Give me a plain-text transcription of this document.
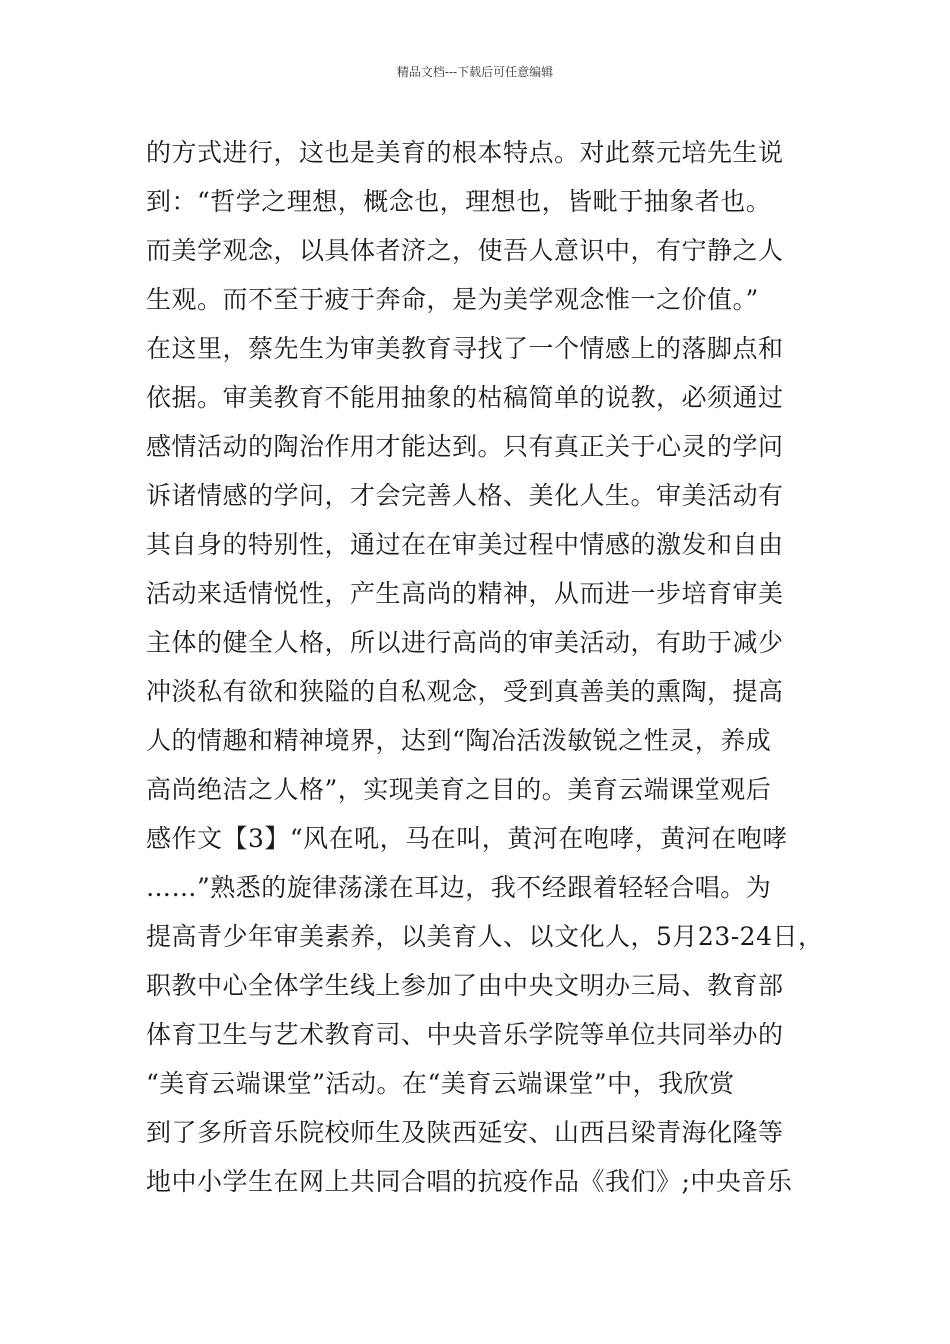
精品文档---下载后可任意编辑
的方式进行，这也是美育的根本特点。对此蔡元培先生说
到：“哲学之理想，概念也，理想也，皆毗于抽象者也。
而美学观念，以具体者济之，使吾人意识中，有宁静之人
生观。而不至于疲于奔命，是为美学观念惟一之价值。”
在这里，蔡先生为审美教育寻找了一个情感上的落脚点和
依据。审美教育不能用抽象的枯稿简单的说教，必须通过
感情活动的陶治作用才能达到。只有真正关于心灵的学问
诉诸情感的学问，才会完善人格、美化人生。审美活动有
其自身的特别性，通过在在审美过程中情感的激发和自由
活动来适情悦性，产生高尚的精神，从而进一步培育审美
主体的健全人格，所以进行高尚的审美活动，有助于减少
冲淡私有欲和狭隘的自私观念，受到真善美的熏陶，提高
人的情趣和精神境界，达到“陶冶活泼敏锐之性灵，养成
高尚绝洁之人格”，实现美育之目的。美育云端课堂观后
感作文【3】“风在吼，马在叫，黄河在咆哮，黄河在咆哮
……”熟悉的旋律荡漾在耳边，我不经跟着轻轻合唱。为
提高青少年审美素养，以美育人、以文化人，5月23-24日，
职教中心全体学生线上参加了由中央文明办三局、教育部
体育卫生与艺术教育司、中央音乐学院等单位共同举办的
“美育云端课堂”活动。在“美育云端课堂”中，我欣赏
到了多所音乐院校师生及陕西延安、山西吕梁青海化隆等
地中小学生在网上共同合唱的抗疫作品《我们》;中央音乐
